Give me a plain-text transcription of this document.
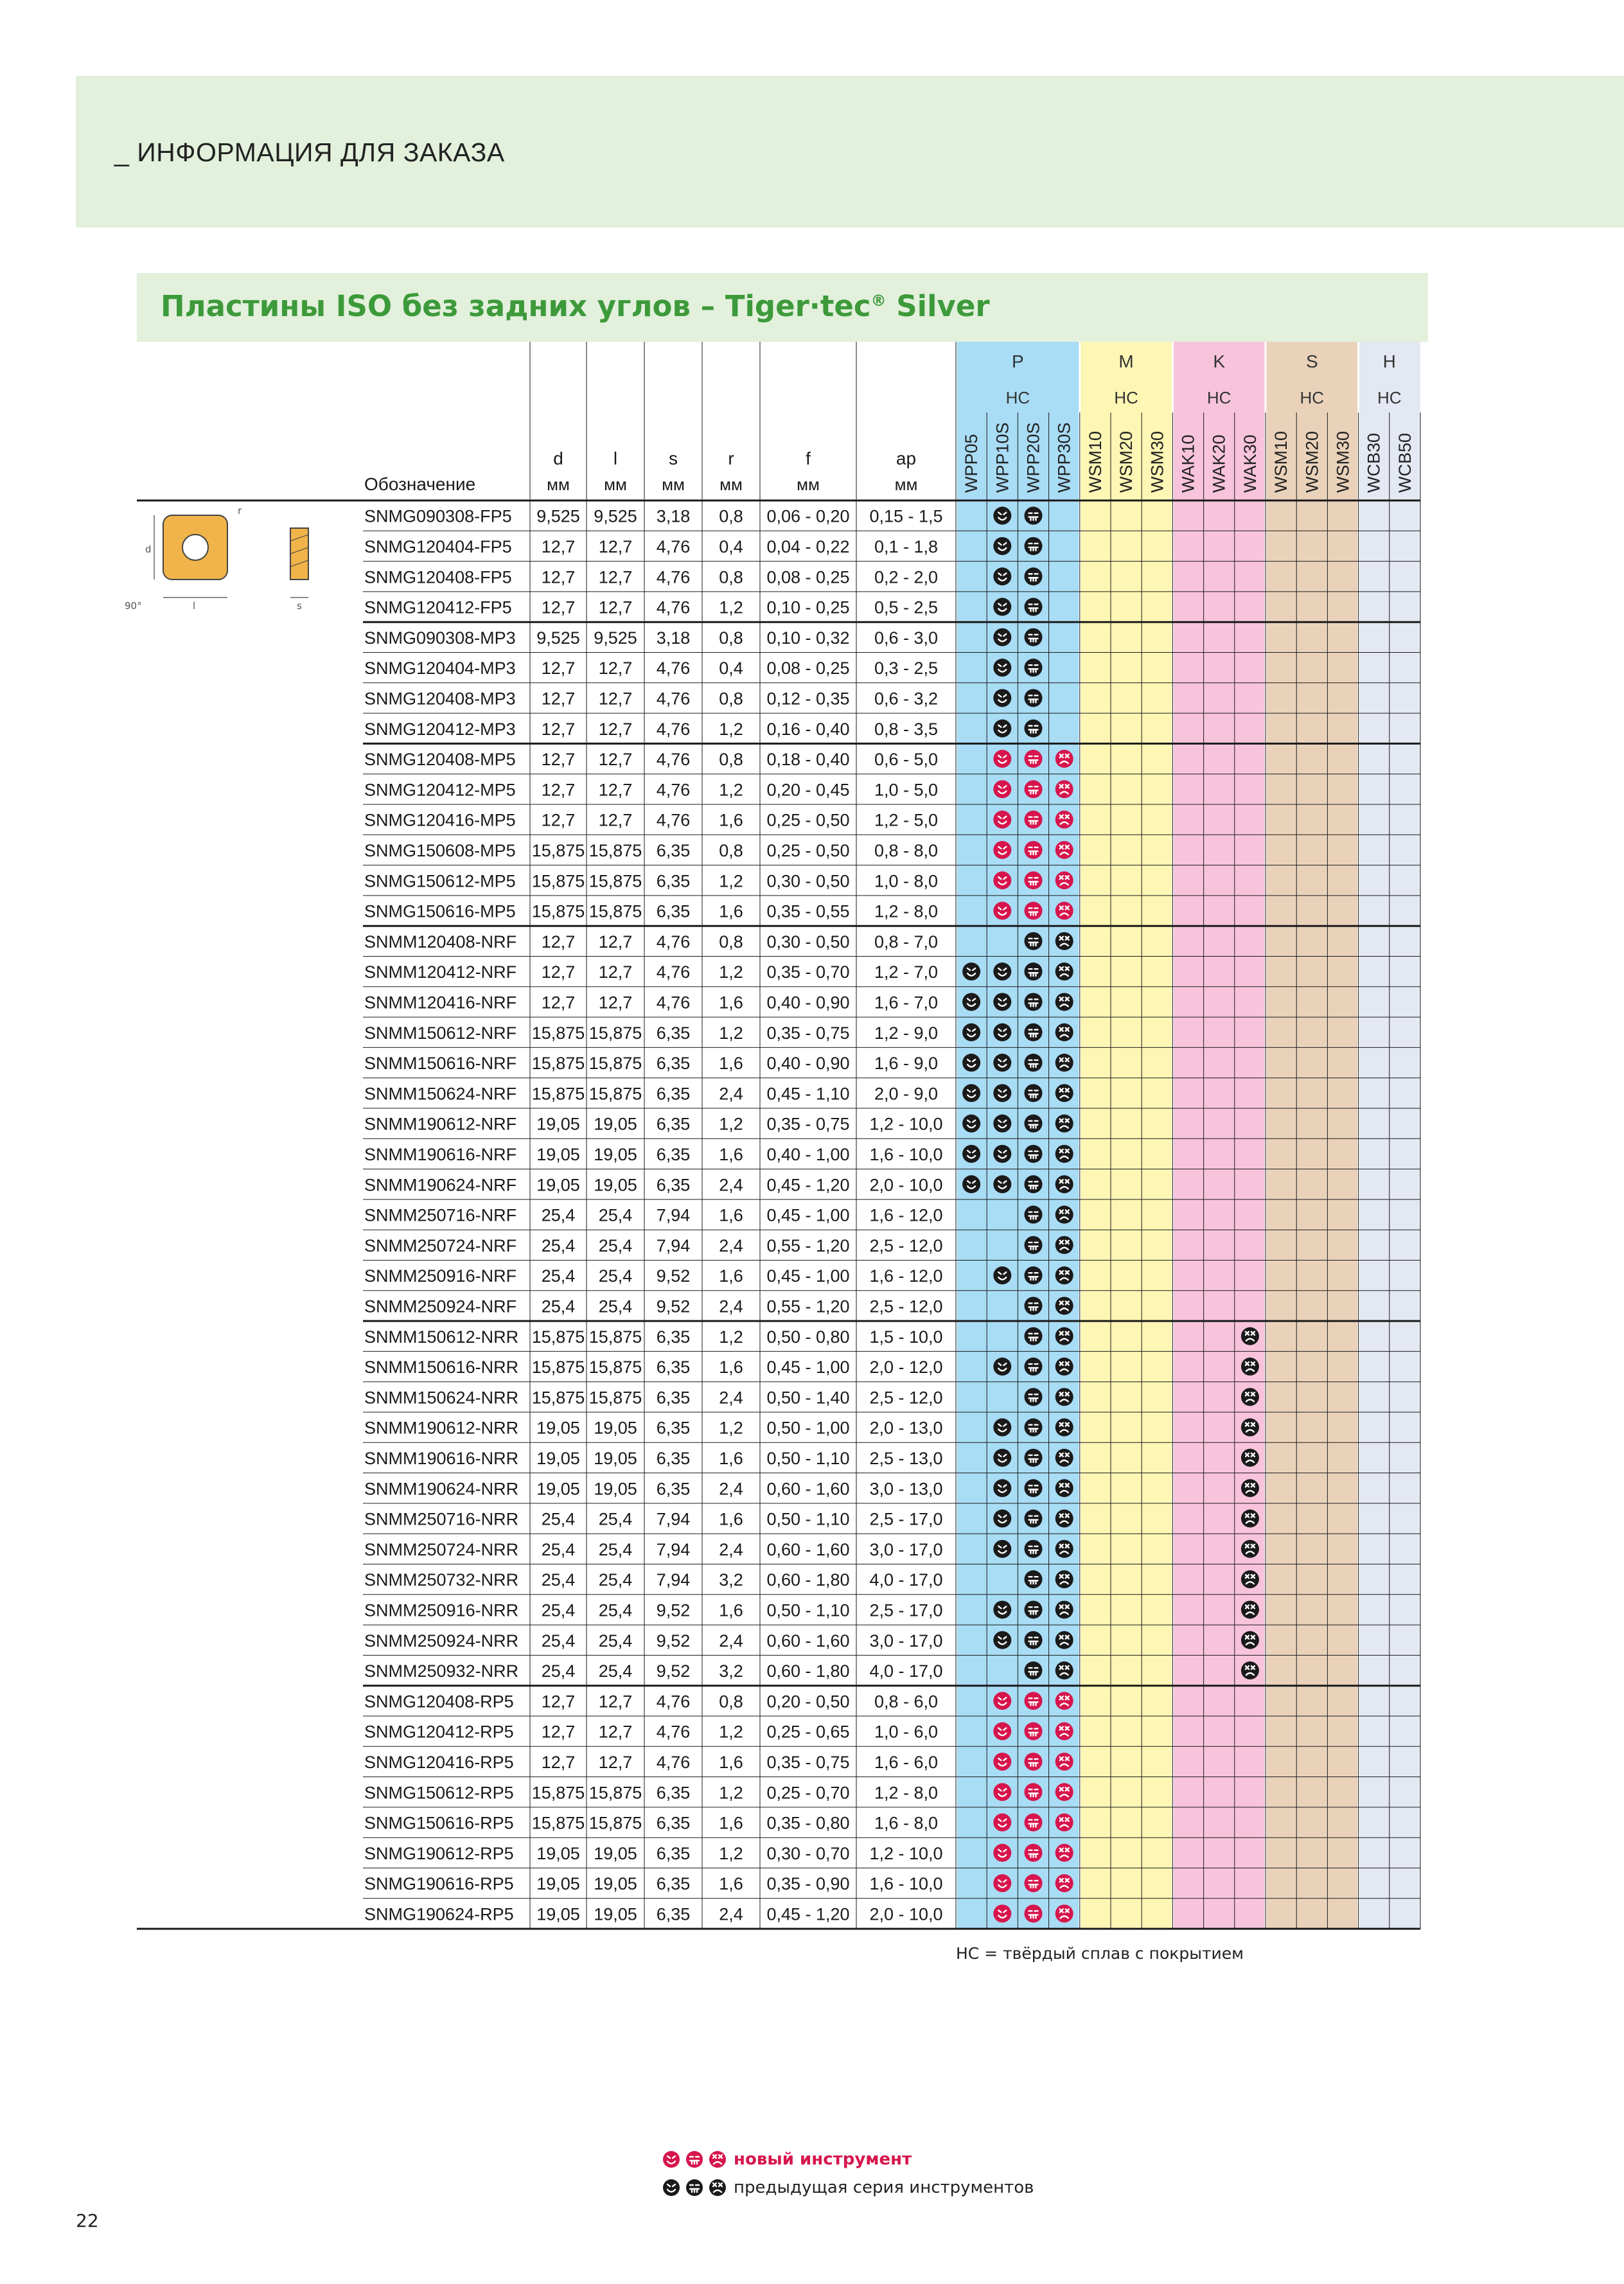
_ ИНФОРМАЦИЯ ДЛЯ ЗАКАЗА
Пластины ISO без задних углов – Tiger·tec® Silver
P
HC
WPP05 WPP10S WPP20S WPP30S
M
HC
WSM10 WSM20 WSM30
K
HC
WAK10 WAK20 WAK30
S
HC
WSM10 WSM20 WSM30
H
HC
WCB30 WCB50
SNMG090308-FP5 9,525 9,525 3,18 0,8 0,06 - 0,20 0,15 - 1,5
SNMG120404-FP5 12,7 12,7 4,76 0,4 0,04 - 0,22 0,1 - 1,8
SNMG120408-FP5 12,7 12,7 4,76 0,8 0,08 - 0,25 0,2 - 2,0
SNMG120412-FP5 12,7 12,7 4,76 1,2 0,10 - 0,25 0,5 - 2,5
SNMG090308-MP3 9,525 9,525 3,18 0,8 0,10 - 0,32 0,6 - 3,0
SNMG120404-MP3 12,7 12,7 4,76 0,4 0,08 - 0,25 0,3 - 2,5
SNMG120408-MP3 12,7 12,7 4,76 0,8 0,12 - 0,35 0,6 - 3,2
SNMG120412-MP3 12,7 12,7 4,76 1,2 0,16 - 0,40 0,8 - 3,5
SNMG120408-MP5 12,7 12,7 4,76 0,8 0,18 - 0,40 0,6 - 5,0
SNMG120412-MP5 12,7 12,7 4,76 1,2 0,20 - 0,45 1,0 - 5,0
SNMG120416-MP5 12,7 12,7 4,76 1,6 0,25 - 0,50 1,2 - 5,0
SNMG150608-MP5 15,875 15,875 6,35 0,8 0,25 - 0,50 0,8 - 8,0
SNMG150612-MP5 15,875 15,875 6,35 1,2 0,30 - 0,50 1,0 - 8,0
SNMG150616-MP5 15,875 15,875 6,35 1,6 0,35 - 0,55 1,2 - 8,0
SNMM120408-NRF 12,7 12,7 4,76 0,8 0,30 - 0,50 0,8 - 7,0
SNMM120412-NRF 12,7 12,7 4,76 1,2 0,35 - 0,70 1,2 - 7,0
SNMM120416-NRF 12,7 12,7 4,76 1,6 0,40 - 0,90 1,6 - 7,0
SNMM150612-NRF 15,875 15,875 6,35 1,2 0,35 - 0,75 1,2 - 9,0
SNMM150616-NRF 15,875 15,875 6,35 1,6 0,40 - 0,90 1,6 - 9,0
SNMM150624-NRF 15,875 15,875 6,35 2,4 0,45 - 1,10 2,0 - 9,0
SNMM190612-NRF 19,05 19,05 6,35 1,2 0,35 - 0,75 1,2 - 10,0
SNMM190616-NRF 19,05 19,05 6,35 1,6 0,40 - 1,00 1,6 - 10,0
SNMM190624-NRF 19,05 19,05 6,35 2,4 0,45 - 1,20 2,0 - 10,0
SNMM250716-NRF 25,4 25,4 7,94 1,6 0,45 - 1,00 1,6 - 12,0
SNMM250724-NRF 25,4 25,4 7,94 2,4 0,55 - 1,20 2,5 - 12,0
SNMM250916-NRF 25,4 25,4 9,52 1,6 0,45 - 1,00 1,6 - 12,0
SNMM250924-NRF 25,4 25,4 9,52 2,4 0,55 - 1,20 2,5 - 12,0
SNMM150612-NRR 15,875 15,875 6,35 1,2 0,50 - 0,80 1,5 - 10,0
SNMM150616-NRR 15,875 15,875 6,35 1,6 0,45 - 1,00 2,0 - 12,0
SNMM150624-NRR 15,875 15,875 6,35 2,4 0,50 - 1,40 2,5 - 12,0
SNMM190612-NRR 19,05 19,05 6,35 1,2 0,50 - 1,00 2,0 - 13,0
SNMM190616-NRR 19,05 19,05 6,35 1,6 0,50 - 1,10 2,5 - 13,0
SNMM190624-NRR 19,05 19,05 6,35 2,4 0,60 - 1,60 3,0 - 13,0
SNMM250716-NRR 25,4 25,4 7,94 1,6 0,50 - 1,10 2,5 - 17,0
SNMM250724-NRR 25,4 25,4 7,94 2,4 0,60 - 1,60 3,0 - 17,0
SNMM250732-NRR 25,4 25,4 7,94 3,2 0,60 - 1,80 4,0 - 17,0
SNMM250916-NRR 25,4 25,4 9,52 1,6 0,50 - 1,10 2,5 - 17,0
SNMM250924-NRR 25,4 25,4 9,52 2,4 0,60 - 1,60 3,0 - 17,0
SNMM250932-NRR 25,4 25,4 9,52 3,2 0,60 - 1,80 4,0 - 17,0
SNMG120408-RP5 12,7 12,7 4,76 0,8 0,20 - 0,50 0,8 - 6,0
SNMG120412-RP5 12,7 12,7 4,76 1,2 0,25 - 0,65 1,0 - 6,0
SNMG120416-RP5 12,7 12,7 4,76 1,6 0,35 - 0,75 1,6 - 6,0
SNMG150612-RP5 15,875 15,875 6,35 1,2 0,25 - 0,70 1,2 - 8,0
SNMG150616-RP5 15,875 15,875 6,35 1,6 0,35 - 0,80 1,6 - 8,0
SNMG190612-RP5 19,05 19,05 6,35 1,2 0,30 - 0,70 1,2 - 10,0
SNMG190616-RP5 19,05 19,05 6,35 1,6 0,35 - 0,90 1,6 - 10,0
SNMG190624-RP5 19,05 19,05 6,35 2,4 0,45 - 1,20 2,0 - 10,0
Обозначение
d
мм
l
мм
s
мм
r
мм
f
мм
ap
мм
d
l
90°
r
s
HC = твёрдый сплав с покрытием
новый инструмент
предыдущая серия инструментов
22
